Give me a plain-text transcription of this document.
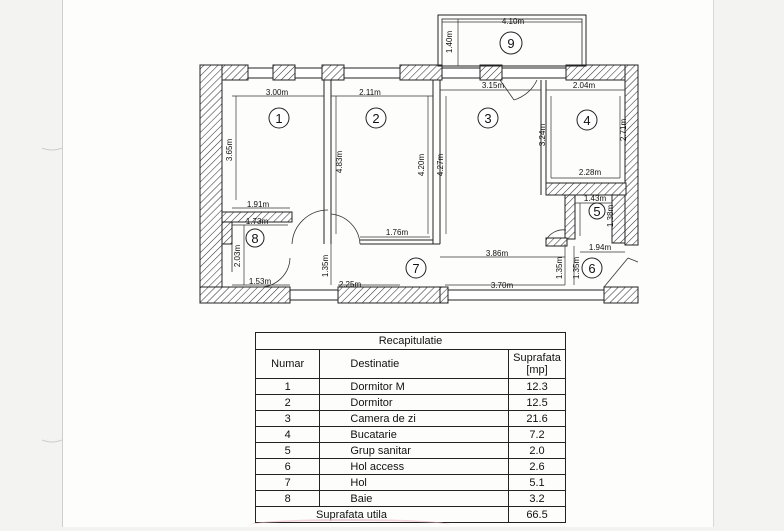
1	2	3	4
5
6
7
8
9
4.10m
1.40m
3.00m	2.11m
3.15m	2.04m
3.65m
4.83m	4.20m 4.27m
3.24m	2.71m
2.28m
1.91m
1.73m
1.76m
1.43m
1.38m
1.94m
3.86m
2.03m	1.35m	1.35m 1.35m
1.53m	2.25m	3.70m
Recapitulatie		
Numar	Destinatie	Suprafata
[mp]
1	Dormitor M	12.3
2	Dormitor	12.5
3	Camera de zi	21.6
4	Bucatarie	7.2
5	Grup sanitar	2.0
6	Hol access	2.6
7	Hol	5.1
8	Baie	3.2
Suprafata utila		66.5
